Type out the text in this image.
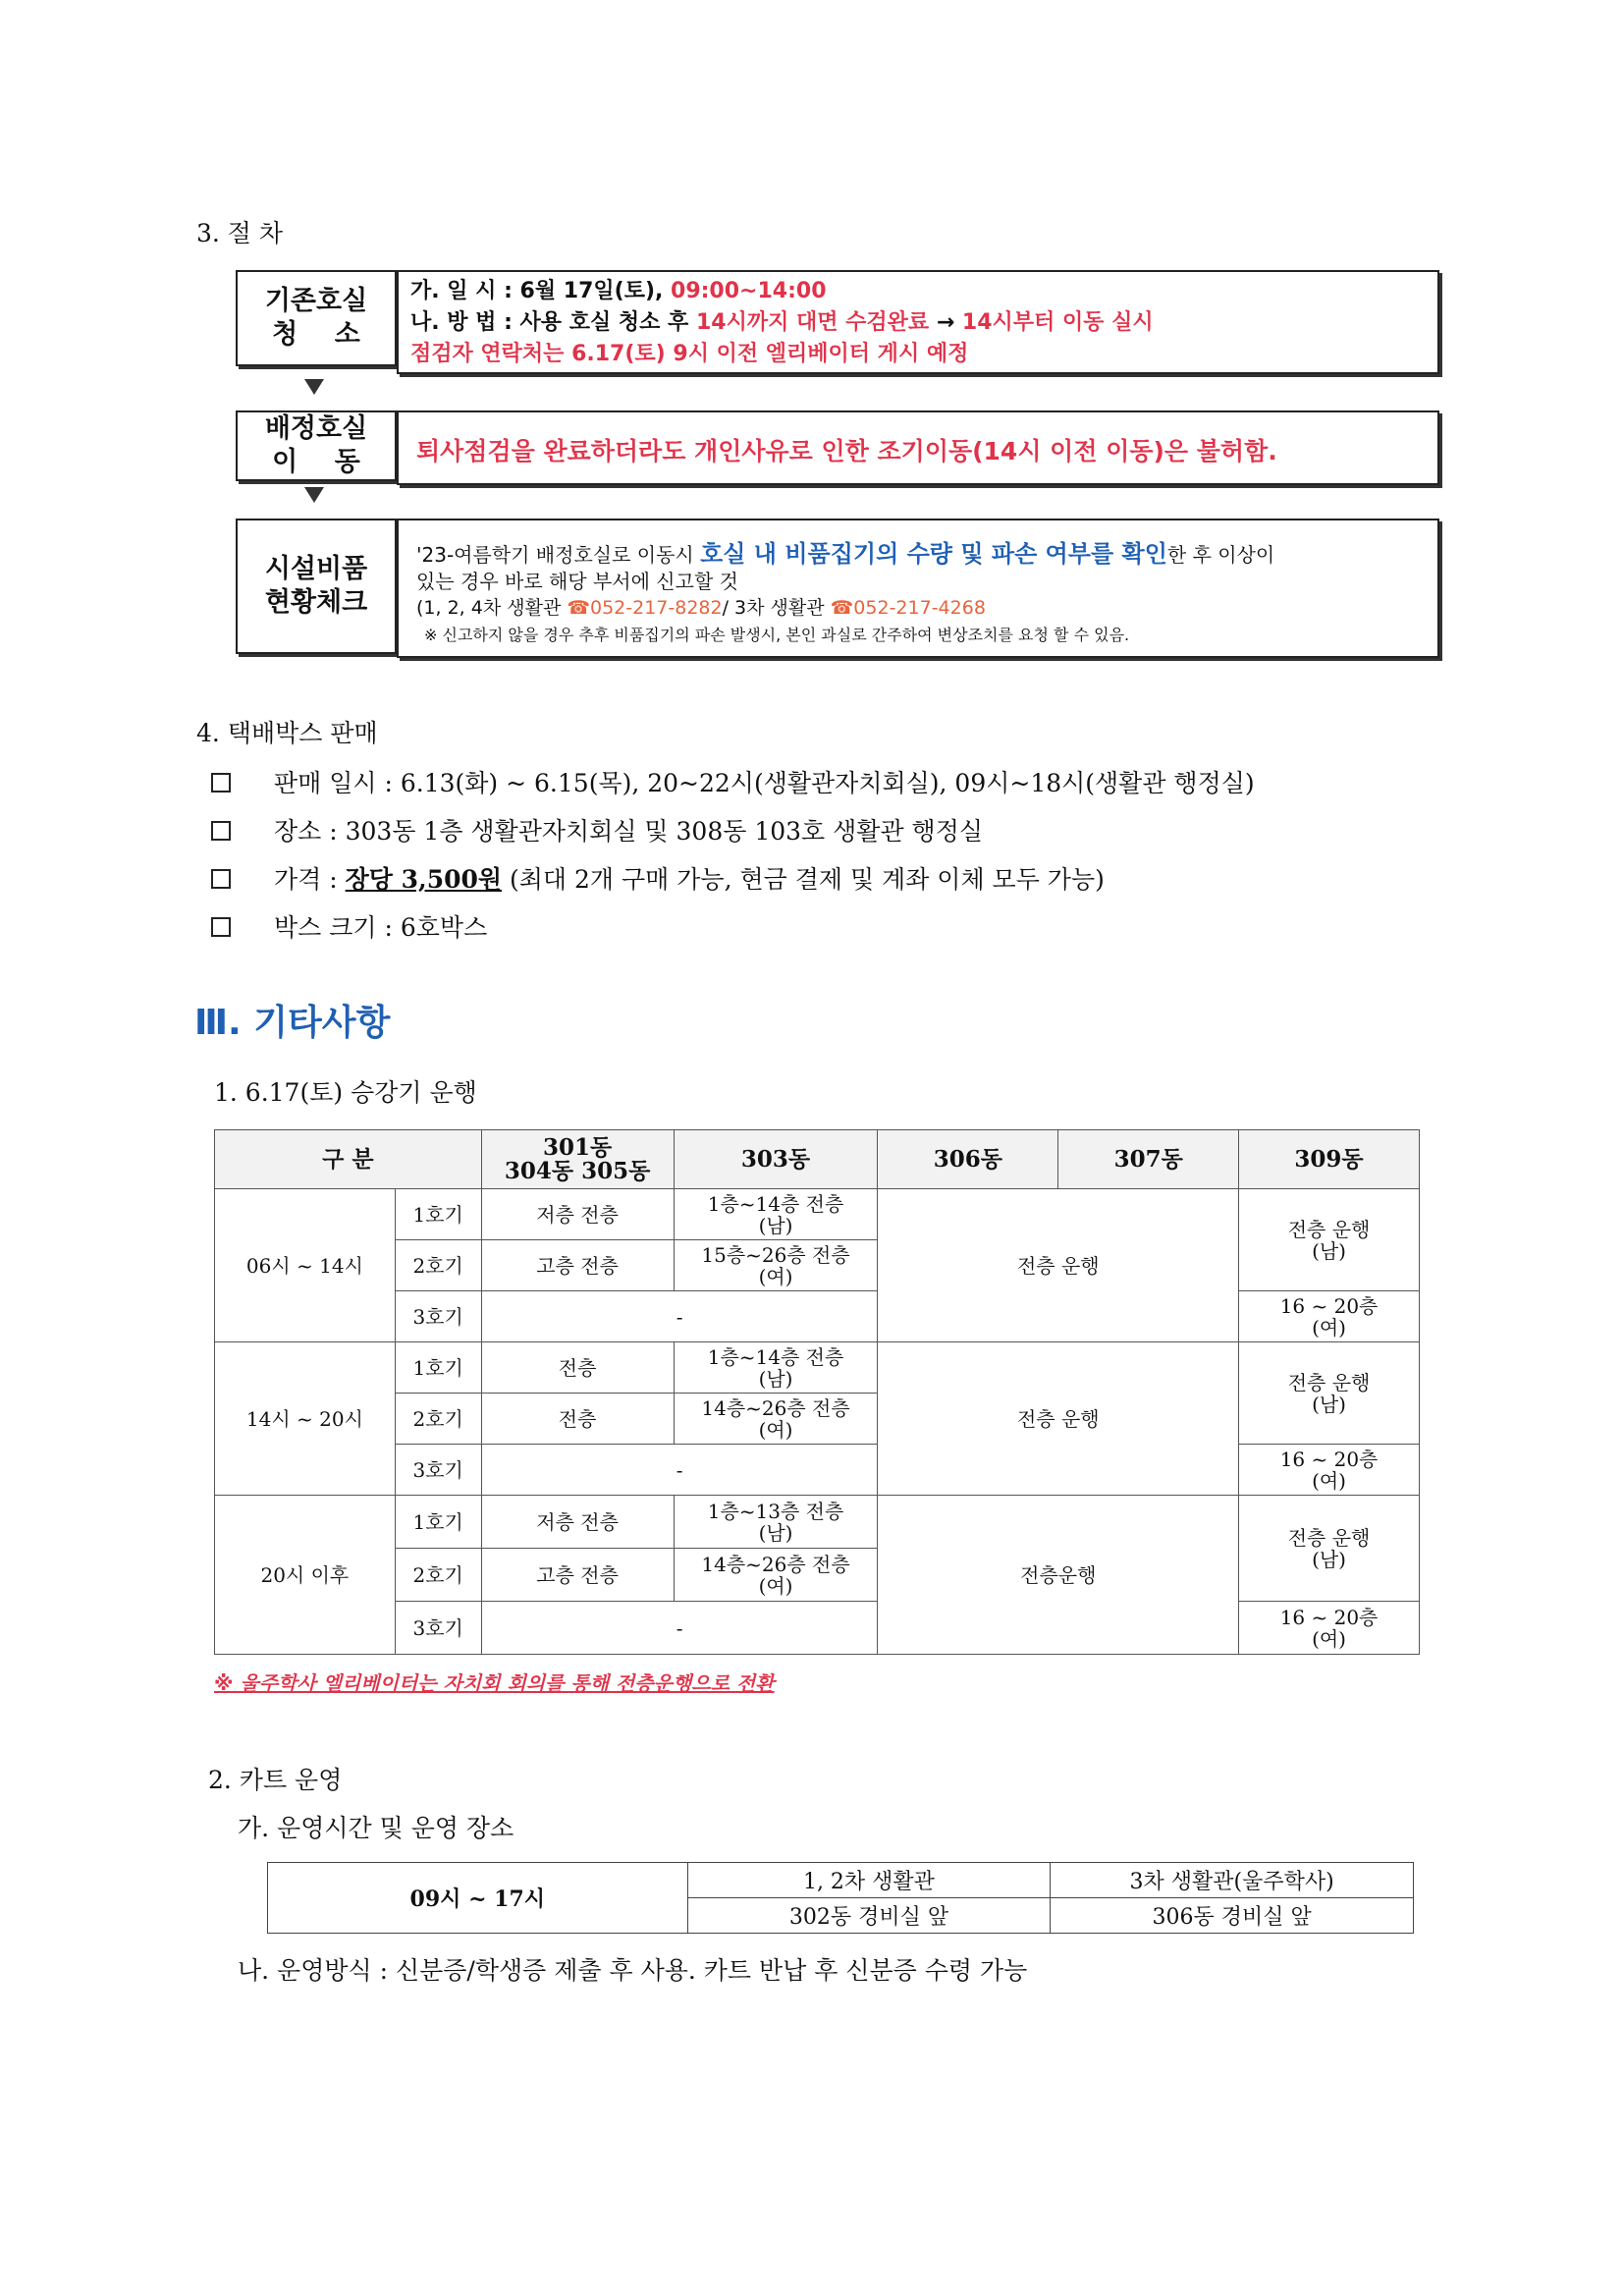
3. 절 차
기존호실
청    소
가. 일 시 : 6월 17일(토), 09:00~14:00
나. 방 법 : 사용 호실 청소 후 14시까지 대면 수검완료 → 14시부터 이동 실시
점검자 연락처는 6.17(토) 9시 이전 엘리베이터 게시 예정
배정호실
이    동	퇴사점검을 완료하더라도 개인사유로 인한 조기이동(14시 이전 이동)은 불허함.
시설비품
현황체크
'23-여름학기 배정호실로 이동시 호실 내 비품집기의 수량 및 파손 여부를 확인한 후 이상이
있는 경우 바로 해당 부서에 신고할 것
(1, 2, 4차 생활관 ☎052-217-8282/ 3차 생활관 ☎052-217-4268
※ 신고하지 않을 경우 추후 비품집기의 파손 발생시, 본인 과실로 간주하여 변상조치를 요청 할 수 있음.
4. 택배박스 판매
판매 일시 : 6.13(화) ~ 6.15(목), 20~22시(생활관자치회실), 09시~18시(생활관 행정실)
장소 : 303동 1층 생활관자치회실 및 308동 103호 생활관 행정실
가격 : 장당 3,500원 (최대 2개 구매 가능, 현금 결제 및 계좌 이체 모두 가능)
박스 크기 : 6호박스
Ⅲ. 기타사항
1. 6.17(토) 승강기 운행
구 분		301동
304동 305동	303동	306동	307동	309동
06시 ~ 14시	1호기	저층 전층	1층~14층 전층
(남)	전층 운행		전층 운행
(남)
	2호기	고층 전층	15층~26층 전층
(여)			
	3호기	-				16 ~ 20층
(여)
14시 ~ 20시	1호기	전층	1층~14층 전층
(남)	전층 운행		전층 운행
(남)
	2호기	전층	14층~26층 전층
(여)			
	3호기	-				16 ~ 20층
(여)
20시 이후	1호기	저층 전층	1층~13층 전층
(남)	전층운행		전층 운행
(남)
	2호기	고층 전층	14층~26층 전층
(여)			
	3호기	-				16 ~ 20층
(여)
※ 울주학사 엘리베이터는 자치회 회의를 통해 전층운행으로 전환
2. 카트 운영
가. 운영시간 및 운영 장소
09시 ~ 17시	1, 2차 생활관	3차 생활관(울주학사)
	302동 경비실 앞	306동 경비실 앞
나. 운영방식 : 신분증/학생증 제출 후 사용. 카트 반납 후 신분증 수령 가능
